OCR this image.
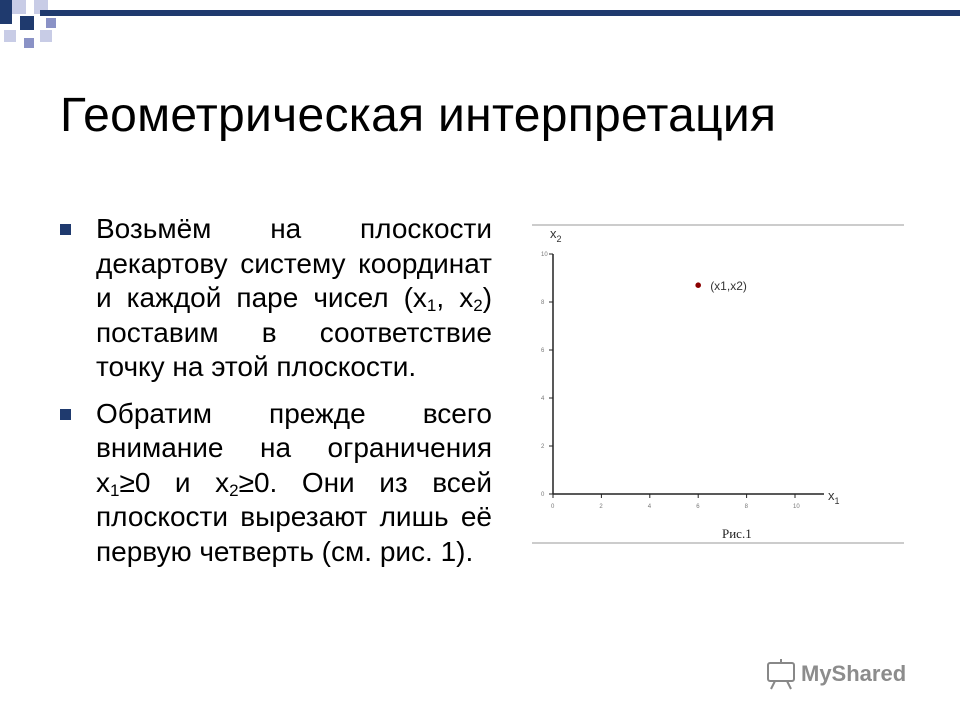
Геометрическая интерпретация
Возьмём на плоскости декартову систему координат и каждой паре чисел ($x_1$, $x_2$) поставим в соответствие точку на этой плоскости.
Обратим прежде всего внимание на ограничения $x_1\ge 0$ и $x_2\ge 0$. Они из всей плоскости вырезают лишь её первую четверть (см. рис. 1).
$x_2$
$x_1$
0	2	4	6	8	10
0
2
4
6
8
10
(x1,x2)
Рис.1
MyShared
